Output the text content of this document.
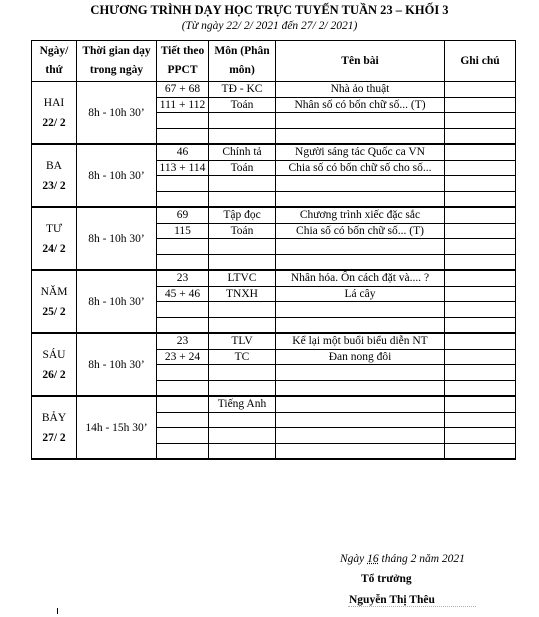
CHƯƠNG TRÌNH DẠY HỌC TRỰC TUYẾN TUẦN 23 – KHỐI 3
(Từ ngày 22/ 2/ 2021 đến 27/ 2/ 2021)
Ngày/ thứ	Thời gian dạy trong ngày	Tiết theo PPCT	Môn (Phân môn)	Tên bài	Ghi chú

HAI
22/ 2	8h - 10h 30’	67 + 68	TĐ - KC	Nhà ảo thuật	
		111 + 112	Toán	Nhân số có bốn chữ số... (T)	

BA
23/ 2	8h - 10h 30’	46	Chính tả	Người sáng tác Quốc ca VN	
		113 + 114	Toán	Chia số có bốn chữ số cho số...	

TƯ
24/ 2	8h - 10h 30’	69	Tập đọc	Chương trình xiếc đặc sắc	
		115	Toán	Chia số có bốn chữ số... (T)	

NĂM
25/ 2	8h - 10h 30’	23	LTVC	Nhân hóa. Ôn cách đặt và.... ?	
		45 + 46	TNXH	Lá cây	

SÁU
26/ 2	8h - 10h 30’	23	TLV	Kể lại một buổi biểu diễn NT	
		23 + 24	TC	Đan nong đôi	

BẢY
27/ 2	14h - 15h 30’		Tiếng Anh		

Ngày 16 tháng 2 năm 2021
Tổ trưởng
Nguyễn Thị Thêu
